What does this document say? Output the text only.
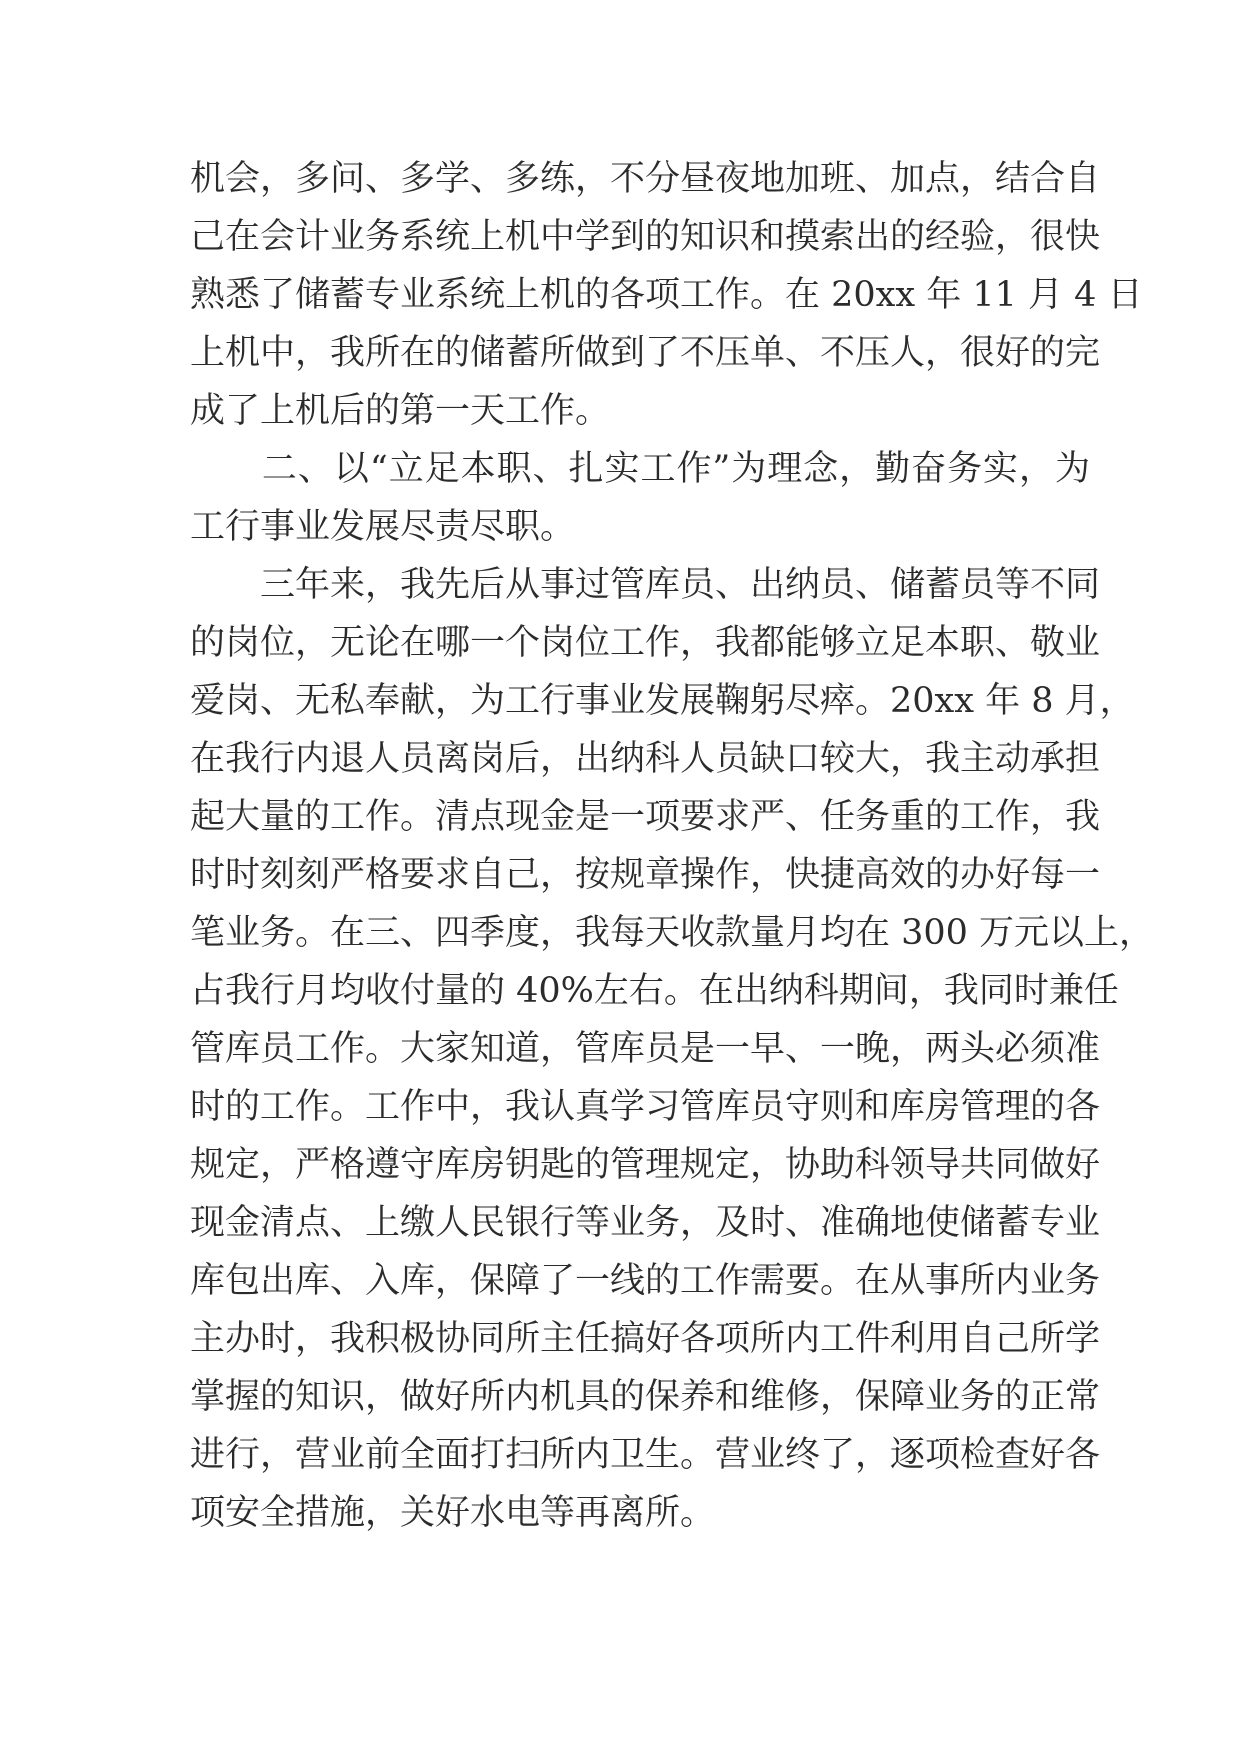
机会，多问、多学、多练，不分昼夜地加班、加点，结合自
己在会计业务系统上机中学到的知识和摸索出的经验，很快
熟悉了储蓄专业系统上机的各项工作。在 20xx 年 11 月 4 日
上机中，我所在的储蓄所做到了不压单、不压人，很好的完
成了上机后的第一天工作。
　　二、以“立足本职、扎实工作”为理念，勤奋务实，为
工行事业发展尽责尽职。
　　三年来，我先后从事过管库员、出纳员、储蓄员等不同
的岗位，无论在哪一个岗位工作，我都能够立足本职、敬业
爱岗、无私奉献，为工行事业发展鞠躬尽瘁。20xx 年 8 月，
在我行内退人员离岗后，出纳科人员缺口较大，我主动承担
起大量的工作。清点现金是一项要求严、任务重的工作，我
时时刻刻严格要求自己，按规章操作，快捷高效的办好每一
笔业务。在三、四季度，我每天收款量月均在 300 万元以上，
占我行月均收付量的 40%左右。在出纳科期间，我同时兼任
管库员工作。大家知道，管库员是一早、一晚，两头必须准
时的工作。工作中，我认真学习管库员守则和库房管理的各
规定，严格遵守库房钥匙的管理规定，协助科领导共同做好
现金清点、上缴人民银行等业务，及时、准确地使储蓄专业
库包出库、入库，保障了一线的工作需要。在从事所内业务
主办时，我积极协同所主任搞好各项所内工件利用自己所学
掌握的知识，做好所内机具的保养和维修，保障业务的正常
进行，营业前全面打扫所内卫生。营业终了，逐项检查好各
项安全措施，关好水电等再离所。
